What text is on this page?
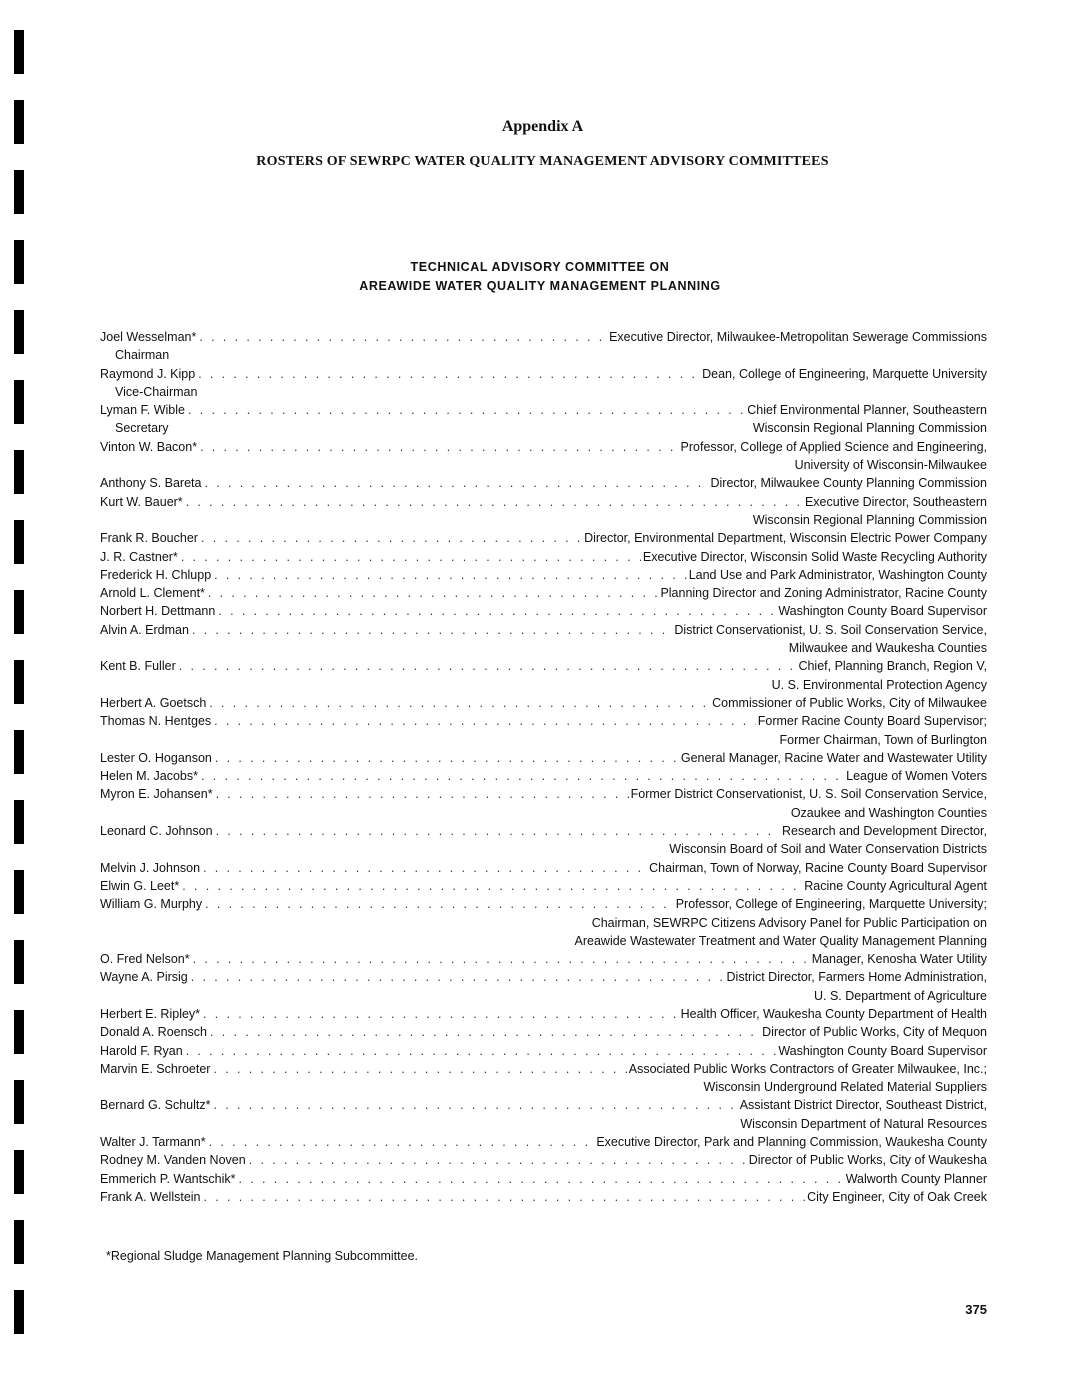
Appendix A
ROSTERS OF SEWRPC WATER QUALITY MANAGEMENT ADVISORY COMMITTEES
TECHNICAL ADVISORY COMMITTEE ON
AREAWIDE WATER QUALITY MANAGEMENT PLANNING
Joel Wesselman* . . .	Executive Director, Milwaukee-Metropolitan Sewerage Commissions
Chairman
Raymond J. Kipp . . .	Dean, College of Engineering, Marquette University
Vice-Chairman
Lyman F. Wible . . .	Chief Environmental Planner, Southeastern
Secretary	Wisconsin Regional Planning Commission
Vinton W. Bacon* . . .	Professor, College of Applied Science and Engineering,
University of Wisconsin-Milwaukee
Anthony S. Bareta . . .	Director, Milwaukee County Planning Commission
Kurt W. Bauer* . . .	Executive Director, Southeastern
Wisconsin Regional Planning Commission
Frank R. Boucher . . .	Director, Environmental Department, Wisconsin Electric Power Company
J. R. Castner* . . .	Executive Director, Wisconsin Solid Waste Recycling Authority
Frederick H. Chlupp . . .	Land Use and Park Administrator, Washington County
Arnold L. Clement* . . .	Planning Director and Zoning Administrator, Racine County
Norbert H. Dettmann . . .	Washington County Board Supervisor
Alvin A. Erdman . . .	District Conservationist, U. S. Soil Conservation Service,
Milwaukee and Waukesha Counties
Kent B. Fuller . . .	Chief, Planning Branch, Region V,
U. S. Environmental Protection Agency
Herbert A. Goetsch . . .	Commissioner of Public Works, City of Milwaukee
Thomas N. Hentges . . .	Former Racine County Board Supervisor;
Former Chairman, Town of Burlington
Lester O. Hoganson . . .	General Manager, Racine Water and Wastewater Utility
Helen M. Jacobs* . . .	League of Women Voters
Myron E. Johansen* . . .	Former District Conservationist, U. S. Soil Conservation Service,
Ozaukee and Washington Counties
Leonard C. Johnson . . .	Research and Development Director,
Wisconsin Board of Soil and Water Conservation Districts
Melvin J. Johnson . . .	Chairman, Town of Norway, Racine County Board Supervisor
Elwin G. Leet* . . .	Racine County Agricultural Agent
William G. Murphy . . .	Professor, College of Engineering, Marquette University;
Chairman, SEWRPC Citizens Advisory Panel for Public Participation on
Areawide Wastewater Treatment and Water Quality Management Planning
O. Fred Nelson* . . .	Manager, Kenosha Water Utility
Wayne A. Pirsig . . .	District Director, Farmers Home Administration,
U. S. Department of Agriculture
Herbert E. Ripley* . . .	Health Officer, Waukesha County Department of Health
Donald A. Roensch . . .	Director of Public Works, City of Mequon
Harold F. Ryan . . .	Washington County Board Supervisor
Marvin E. Schroeter . . .	Associated Public Works Contractors of Greater Milwaukee, Inc.;
Wisconsin Underground Related Material Suppliers
Bernard G. Schultz* . . .	Assistant District Director, Southeast District,
Wisconsin Department of Natural Resources
Walter J. Tarmann* . . .	Executive Director, Park and Planning Commission, Waukesha County
Rodney M. Vanden Noven . . .	Director of Public Works, City of Waukesha
Emmerich P. Wantschik* . . .	Walworth County Planner
Frank A. Wellstein . . .	City Engineer, City of Oak Creek

*Regional Sludge Management Planning Subcommittee.

375
